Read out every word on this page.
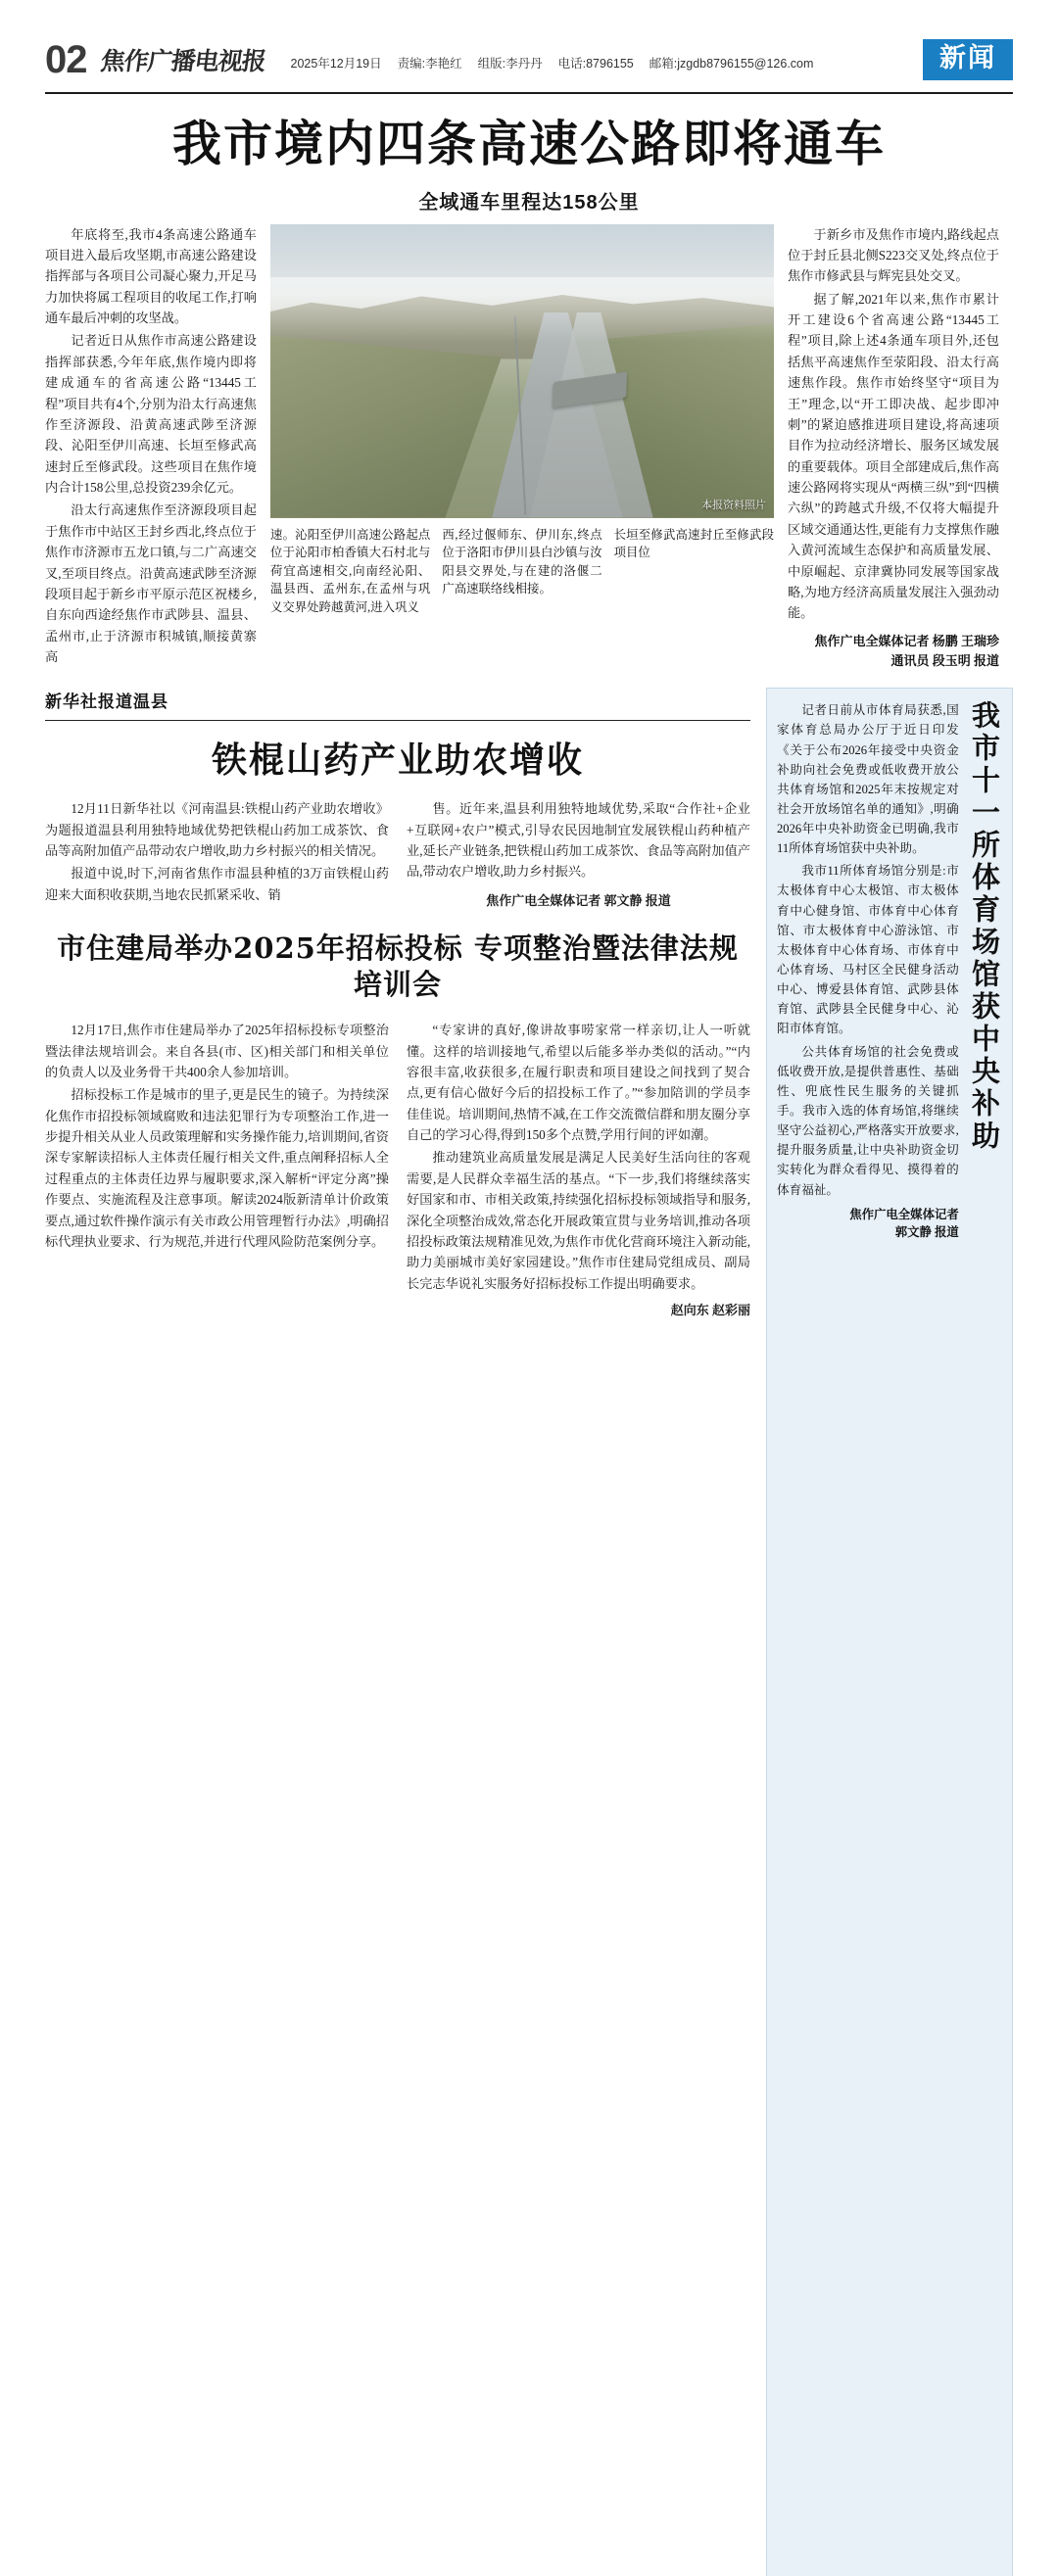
02 焦作广播电视报 2025年12月19日 责编:李艳红 组版:李丹丹 电话:8796155 邮箱:jzgdb8796155@126.com	新闻
我市境内四条高速公路即将通车
全域通车里程达158公里

年底将至,我市4条高速公路通车项目进入最后攻坚期,市高速公路建设指挥部与各项目公司凝心聚力,开足马力加快将属工程项目的收尾工作,打响通车最后冲刺的攻坚战。

记者近日从焦作市高速公路建设指挥部获悉,今年年底,焦作境内即将建成通车的省高速公路“13445工程”项目共有4个,分别为沿太行高速焦作至济源段、沿黄高速武陟至济源段、沁阳至伊川高速、长垣至修武高速封丘至修武段。这些项目在焦作境内合计158公里,总投资239余亿元。

沿太行高速焦作至济源段项目起于焦作市中站区王封乡西北,终点位于焦作市济源市五龙口镇,与二广高速交叉,至项目终点。沿黄高速武陟至济源段项目起于新乡市平原示范区祝楼乡,自东向西途经焦作市武陟县、温县、孟州市,止于济源市积城镇,顺接黄寨高

本报资料照片
速。沁阳至伊川高速公路起点位于沁阳市柏香镇大石村北与荷宜高速相交,向南经沁阳、温县西、孟州东,在孟州与巩义交界处跨越黄河,进入巩义
西,经过偃师东、伊川东,终点位于洛阳市伊川县白沙镇与汝阳县交界处,与在建的洛偃二广高速联络线相接。
长垣至修武高速封丘至修武段项目位

于新乡市及焦作市境内,路线起点位于封丘县北侧S223交叉处,终点位于焦作市修武县与辉宪县处交叉。

据了解,2021年以来,焦作市累计开工建设6个省高速公路“13445工程”项目,除上述4条通车项目外,还包括焦平高速焦作至荥阳段、沿太行高速焦作段。焦作市始终坚守“项目为王”理念,以“开工即决战、起步即冲刺”的紧迫感推进项目建设,将高速项目作为拉动经济增长、服务区域发展的重要载体。项目全部建成后,焦作高速公路网将实现从“两横三纵”到“四横六纵”的跨越式升级,不仅将大幅提升区域交通通达性,更能有力支撑焦作融入黄河流域生态保护和高质量发展、中原崛起、京津冀协同发展等国家战略,为地方经济高质量发展注入强劲动能。

焦作广电全媒体记者 杨鹏 王瑞珍
通讯员 段玉明 报道
新华社报道温县
铁棍山药产业助农增收

12月11日新华社以《河南温县:铁棍山药产业助农增收》为题报道温县利用独特地域优势把铁棍山药加工成茶饮、食品等高附加值产品带动农户增收,助力乡村振兴的相关情况。

报道中说,时下,河南省焦作市温县种植的3万亩铁棍山药迎来大面积收获期,当地农民抓紧采收、销

售。近年来,温县利用独特地域优势,采取“合作社+企业+互联网+农户”模式,引导农民因地制宜发展铁棍山药种植产业,延长产业链条,把铁棍山药加工成茶饮、食品等高附加值产品,带动农户增收,助力乡村振兴。

焦作广电全媒体记者 郭文静 报道
市住建局举办2025年招标投标 专项整治暨法律法规培训会

12月17日,焦作市住建局举办了2025年招标投标专项整治暨法律法规培训会。来自各县(市、区)相关部门和相关单位的负责人以及业务骨干共400余人参加培训。

招标投标工作是城市的里子,更是民生的镜子。为持续深化焦作市招投标领域腐败和违法犯罪行为专项整治工作,进一步提升相关从业人员政策理解和实务操作能力,培训期间,省资深专家解读招标人主体责任履行相关文件,重点阐释招标人全过程重点的主体责任边界与履职要求,深入解析“评定分离”操作要点、实施流程及注意事项。解读2024版新清单计价政策要点,通过软件操作演示有关市政公用管理暂行办法》,明确招标代理执业要求、行为规范,并进行代理风险防范案例分享。

“专家讲的真好,像讲故事唠家常一样亲切,让人一听就懂。这样的培训接地气,希望以后能多举办类似的活动。”“内容很丰富,收获很多,在履行职责和项目建设之间找到了契合点,更有信心做好今后的招投标工作了。”“参加陪训的学员李佳佳说。培训期间,热情不减,在工作交流微信群和朋友圈分享自己的学习心得,得到150多个点赞,学用行间的评如潮。

推动建筑业高质量发展是满足人民美好生活向往的客观需要,是人民群众幸福生活的基点。“下一步,我们将继续落实好国家和市、市相关政策,持续强化招标投标领域指导和服务,深化全项整治成效,常态化开展政策宣贯与业务培训,推动各项招投标政策法规精准见效,为焦作市优化营商环境注入新动能,助力美丽城市美好家园建设。”焦作市住建局党组成员、副局长完志华说礼实服务好招标投标工作提出明确要求。

赵向东 赵彩丽

记者日前从市体育局获悉,国家体育总局办公厅于近日印发《关于公布2026年接受中央资金补助向社会免费或低收费开放公共体育场馆和2025年末按规定对社会开放场馆名单的通知》,明确2026年中央补助资金已明确,我市11所体育场馆获中央补助。

我市11所体育场馆分别是:市太极体育中心太极馆、市太极体育中心健身馆、市体育中心体育馆、市太极体育中心游泳馆、市太极体育中心体育场、市体育中心体育场、马村区全民健身活动中心、博爱县体育馆、武陟县体育馆、武陟县全民健身中心、沁阳市体育馆。

公共体育场馆的社会免费或低收费开放,是提供普惠性、基础性、兜底性民生服务的关键抓手。我市入选的体育场馆,将继续坚守公益初心,严格落实开放要求,提升服务质量,让中央补助资金切实转化为群众看得见、摸得着的体育福祉。

焦作广电全媒体记者
郭文静 报道
我市十一所体育场馆获中央补助
